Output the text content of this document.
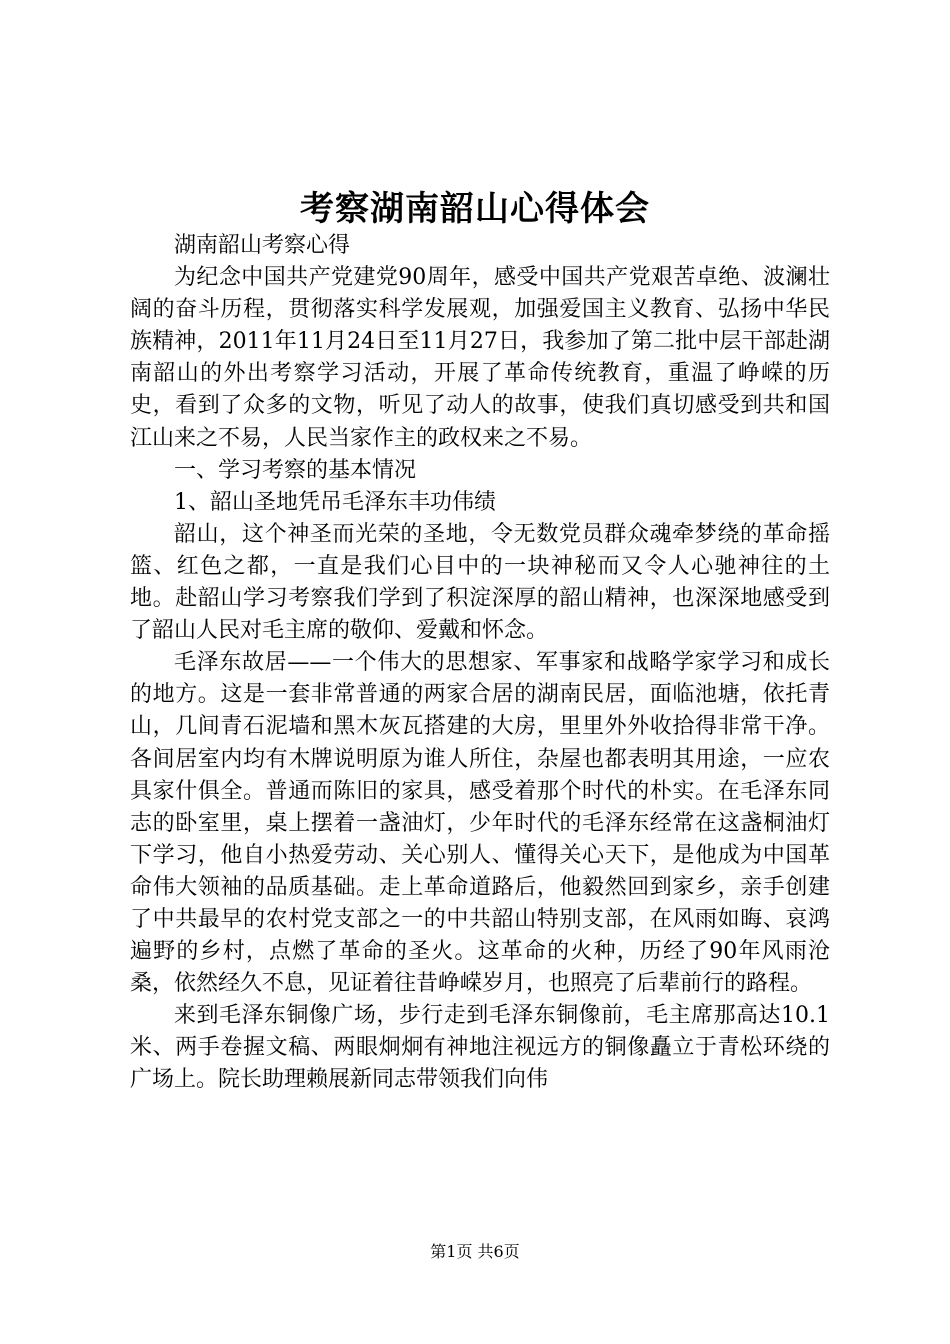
考察湖南韶山心得体会

湖南韶山考察心得

为纪念中国共产党建党90周年，感受中国共产党艰苦卓绝、波澜壮阔的奋斗历程，贯彻落实科学发展观，加强爱国主义教育、弘扬中华民族精神，2011年11月24日至11月27日，我参加了第二批中层干部赴湖南韶山的外出考察学习活动，开展了革命传统教育，重温了峥嵘的历史，看到了众多的文物，听见了动人的故事，使我们真切感受到共和国江山来之不易，人民当家作主的政权来之不易。

一、学习考察的基本情况

1、韶山圣地凭吊毛泽东丰功伟绩

韶山，这个神圣而光荣的圣地，令无数党员群众魂牵梦绕的革命摇篮、红色之都，一直是我们心目中的一块神秘而又令人心驰神往的土地。赴韶山学习考察我们学到了积淀深厚的韶山精神，也深深地感受到了韶山人民对毛主席的敬仰、爱戴和怀念。

毛泽东故居——一个伟大的思想家、军事家和战略学家学习和成长的地方。这是一套非常普通的两家合居的湖南民居，面临池塘，依托青山，几间青石泥墙和黑木灰瓦搭建的大房，里里外外收拾得非常干净。各间居室内均有木牌说明原为谁人所住，杂屋也都表明其用途，一应农具家什俱全。普通而陈旧的家具，感受着那个时代的朴实。在毛泽东同志的卧室里，桌上摆着一盏油灯，少年时代的毛泽东经常在这盏桐油灯下学习，他自小热爱劳动、关心别人、懂得关心天下，是他成为中国革命伟大领袖的品质基础。走上革命道路后，他毅然回到家乡，亲手创建了中共最早的农村党支部之一的中共韶山特别支部，在风雨如晦、哀鸿遍野的乡村，点燃了革命的圣火。这革命的火种，历经了90年风雨沧桑，依然经久不息，见证着往昔峥嵘岁月，也照亮了后辈前行的路程。

来到毛泽东铜像广场，步行走到毛泽东铜像前，毛主席那高达10.1米、两手卷握文稿、两眼炯炯有神地注视远方的铜像矗立于青松环绕的广场上。院长助理赖展新同志带领我们向伟

第1页 共6页
